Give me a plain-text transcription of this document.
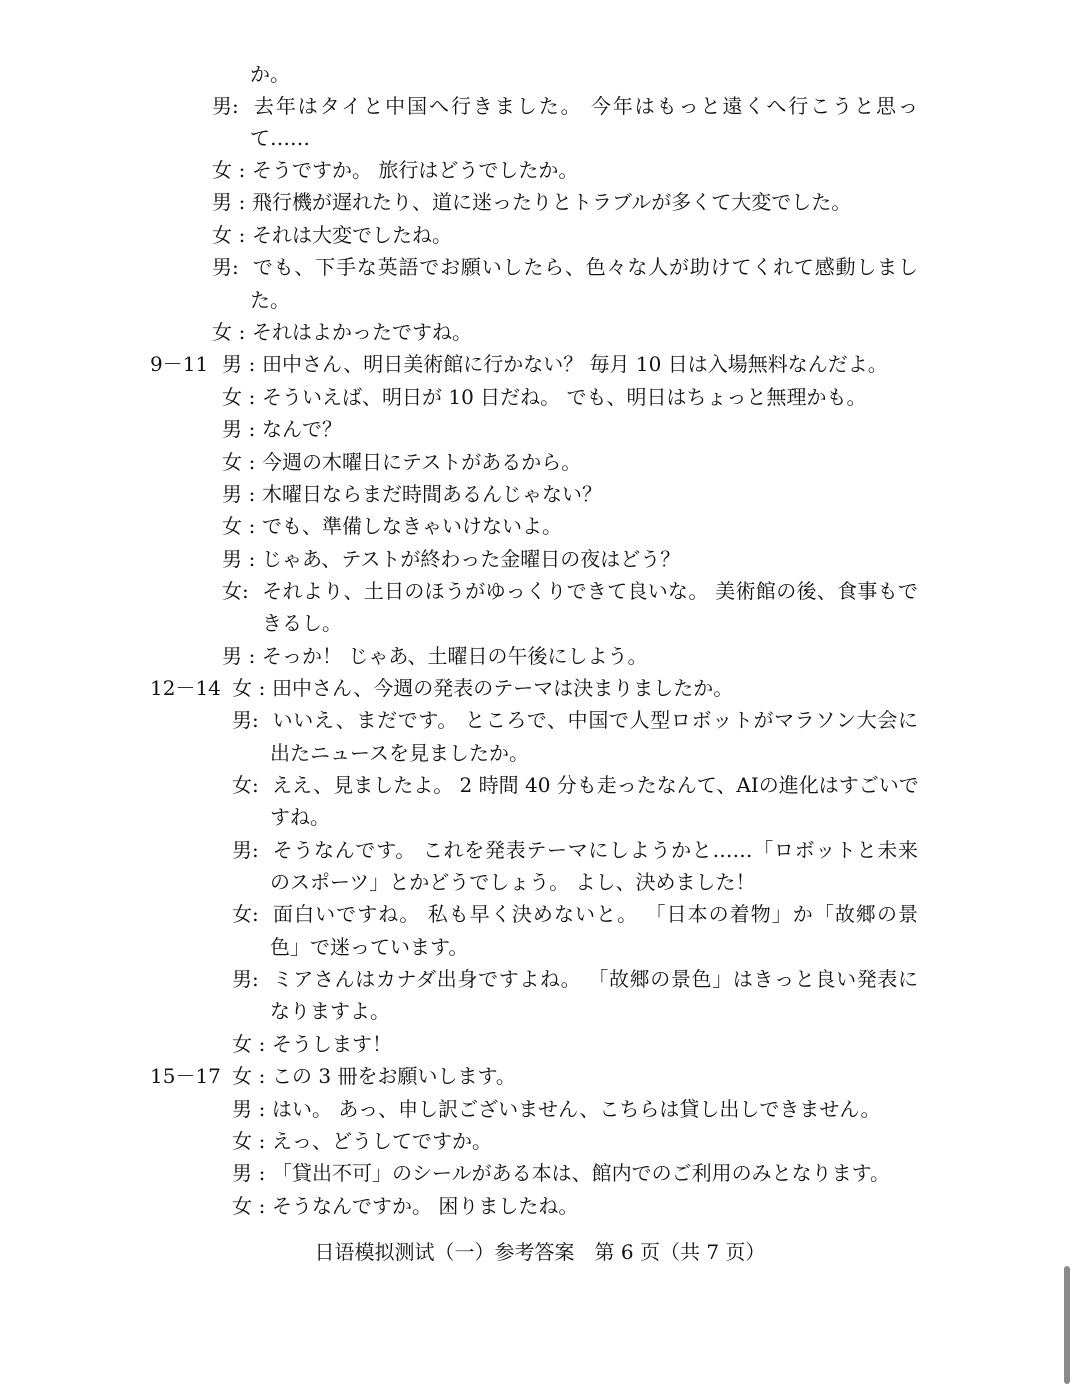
か。
男: 去年はタイと中国へ行きました。 今年はもっと遠くへ行こうと思っ
て……
女 : そうですか。 旅行はどうでしたか。
男 : 飛行機が遅れたり、道に迷ったりとトラブルが多くて大変でした。
女 : それは大変でしたね。
男: でも、下手な英語でお願いしたら、色々な人が助けてくれて感動しまし
た。
女 : それはよかったですね。
9－11 男 : 田中さん、明日美術館に行かない？ 毎月 10 日は入場無料なんだよ。
女 : そういえば、明日が 10 日だね。 でも、明日はちょっと無理かも。
男 : なんで？
女 : 今週の木曜日にテストがあるから。
男 : 木曜日ならまだ時間あるんじゃない？
女 : でも、準備しなきゃいけないよ。
男 : じゃあ、テストが終わった金曜日の夜はどう？
女: それより、土日のほうがゆっくりできて良いな。 美術館の後、食事もで
きるし。
男 : そっか！ じゃあ、土曜日の午後にしよう。
12－14 女 : 田中さん、今週の発表のテーマは決まりましたか。
男: いいえ、まだです。 ところで、中国で人型ロボットがマラソン大会に
出たニュースを見ましたか。
女: ええ、見ましたよ。 2 時間 40 分も走ったなんて、AIの進化はすごいで
すね。
男: そうなんです。 これを発表テーマにしようかと……「ロボットと未来
のスポーツ」とかどうでしょう。 よし、決めました！
女: 面白いですね。 私も早く決めないと。 「日本の着物」か「故郷の景
色」で迷っています。
男: ミアさんはカナダ出身ですよね。 「故郷の景色」はきっと良い発表に
なりますよ。
女 : そうします！
15－17 女 : この 3 冊をお願いします。
男 : はい。 あっ、申し訳ございません、こちらは貸し出しできません。
女 : えっ、どうしてですか。
男 : 「貸出不可」のシールがある本は、館内でのご利用のみとなります。
女 : そうなんですか。 困りましたね。
日语模拟测试（一）参考答案　第 6 页（共 7 页）
